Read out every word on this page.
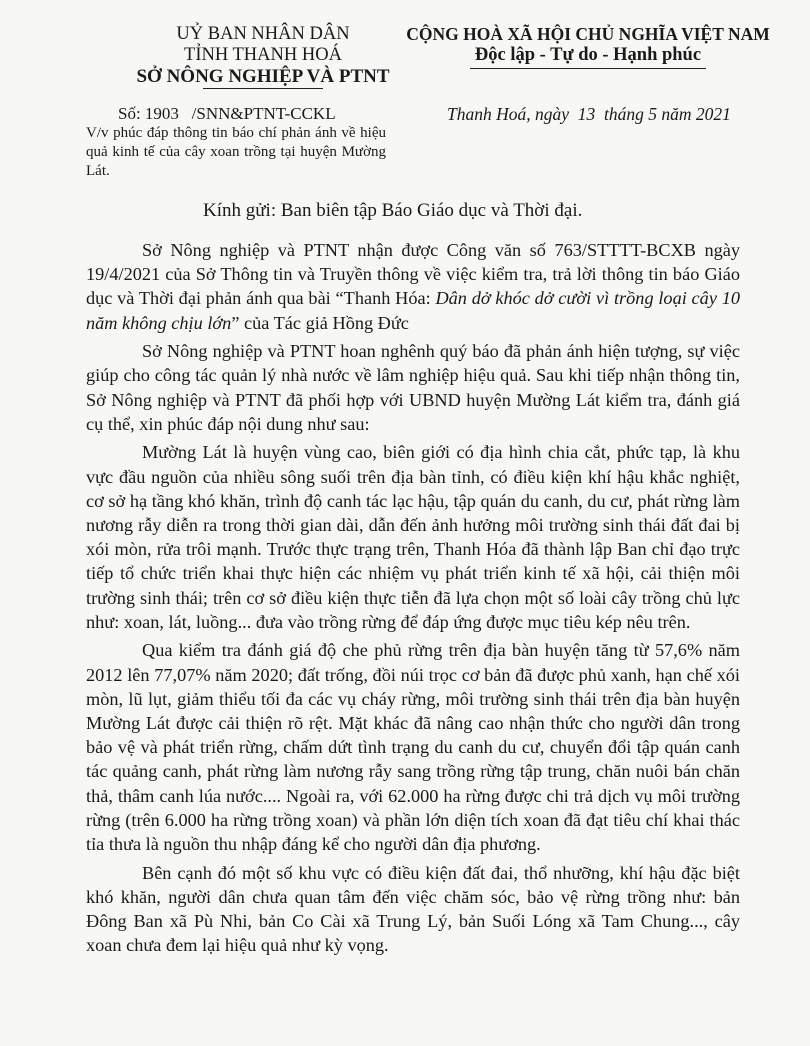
UỶ BAN NHÂN DÂN
TỈNH THANH HOÁ
SỞ NÔNG NGHIỆP VÀ PTNT
CỘNG HOÀ XÃ HỘI CHỦ NGHĨA VIỆT NAM
Độc lập - Tự do - Hạnh phúc
Số: 1903   /SNN&PTNT-CCKL	Thanh Hoá, ngày  13  tháng 5 năm 2021
V/v phúc đáp thông tin báo chí phản ánh về hiệu quả kinh tế của cây xoan trồng tại huyện Mường Lát.
Kính gửi: Ban biên tập Báo Giáo dục và Thời đại.

Sở Nông nghiệp và PTNT nhận được Công văn số 763/STTTT-BCXB ngày 19/4/2021 của Sở Thông tin và Truyền thông về việc kiểm tra, trả lời thông tin báo Giáo dục và Thời đại phản ánh qua bài “Thanh Hóa: Dân dở khóc dở cười vì trồng loại cây 10 năm không chịu lớn” của Tác giả Hồng Đức

Sở Nông nghiệp và PTNT hoan nghênh quý báo đã phản ánh hiện tượng, sự việc giúp cho công tác quản lý nhà nước về lâm nghiệp hiệu quả. Sau khi tiếp nhận thông tin, Sở Nông nghiệp và PTNT đã phối hợp với UBND huyện Mường Lát kiểm tra, đánh giá cụ thể, xin phúc đáp nội dung như sau:

Mường Lát là huyện vùng cao, biên giới có địa hình chia cắt, phức tạp, là khu vực đầu nguồn của nhiều sông suối trên địa bàn tỉnh, có điều kiện khí hậu khắc nghiệt, cơ sở hạ tầng khó khăn, trình độ canh tác lạc hậu, tập quán du canh, du cư, phát rừng làm nương rẫy diễn ra trong thời gian dài, dẫn đến ảnh hưởng môi trường sinh thái đất đai bị xói mòn, rửa trôi mạnh. Trước thực trạng trên, Thanh Hóa đã thành lập Ban chỉ đạo trực tiếp tổ chức triển khai thực hiện các nhiệm vụ phát triển kinh tế xã hội, cải thiện môi trường sinh thái; trên cơ sở điều kiện thực tiễn đã lựa chọn một số loài cây trồng chủ lực như: xoan, lát, luồng... đưa vào trồng rừng để đáp ứng được mục tiêu kép nêu trên.

Qua kiểm tra đánh giá độ che phủ rừng trên địa bàn huyện tăng từ 57,6% năm 2012 lên 77,07% năm 2020; đất trống, đồi núi trọc cơ bản đã được phủ xanh, hạn chế xói mòn, lũ lụt, giảm thiểu tối đa các vụ cháy rừng, môi trường sinh thái trên địa bàn huyện Mường Lát được cải thiện rõ rệt. Mặt khác đã nâng cao nhận thức cho người dân trong bảo vệ và phát triển rừng, chấm dứt tình trạng du canh du cư, chuyển đổi tập quán canh tác quảng canh, phát rừng làm nương rẫy sang trồng rừng tập trung, chăn nuôi bán chăn thả, thâm canh lúa nước.... Ngoài ra, với 62.000 ha rừng được chi trả dịch vụ môi trường rừng (trên 6.000 ha rừng trồng xoan) và phần lớn diện tích xoan đã đạt tiêu chí khai thác tỉa thưa là nguồn thu nhập đáng kể cho người dân địa phương.

Bên cạnh đó một số khu vực có điều kiện đất đai, thổ nhưỡng, khí hậu đặc biệt khó khăn, người dân chưa quan tâm đến việc chăm sóc, bảo vệ rừng trồng như: bản Đông Ban xã Pù Nhi, bản Co Cài xã Trung Lý, bản Suối Lóng xã Tam Chung..., cây xoan chưa đem lại hiệu quả như kỳ vọng.
